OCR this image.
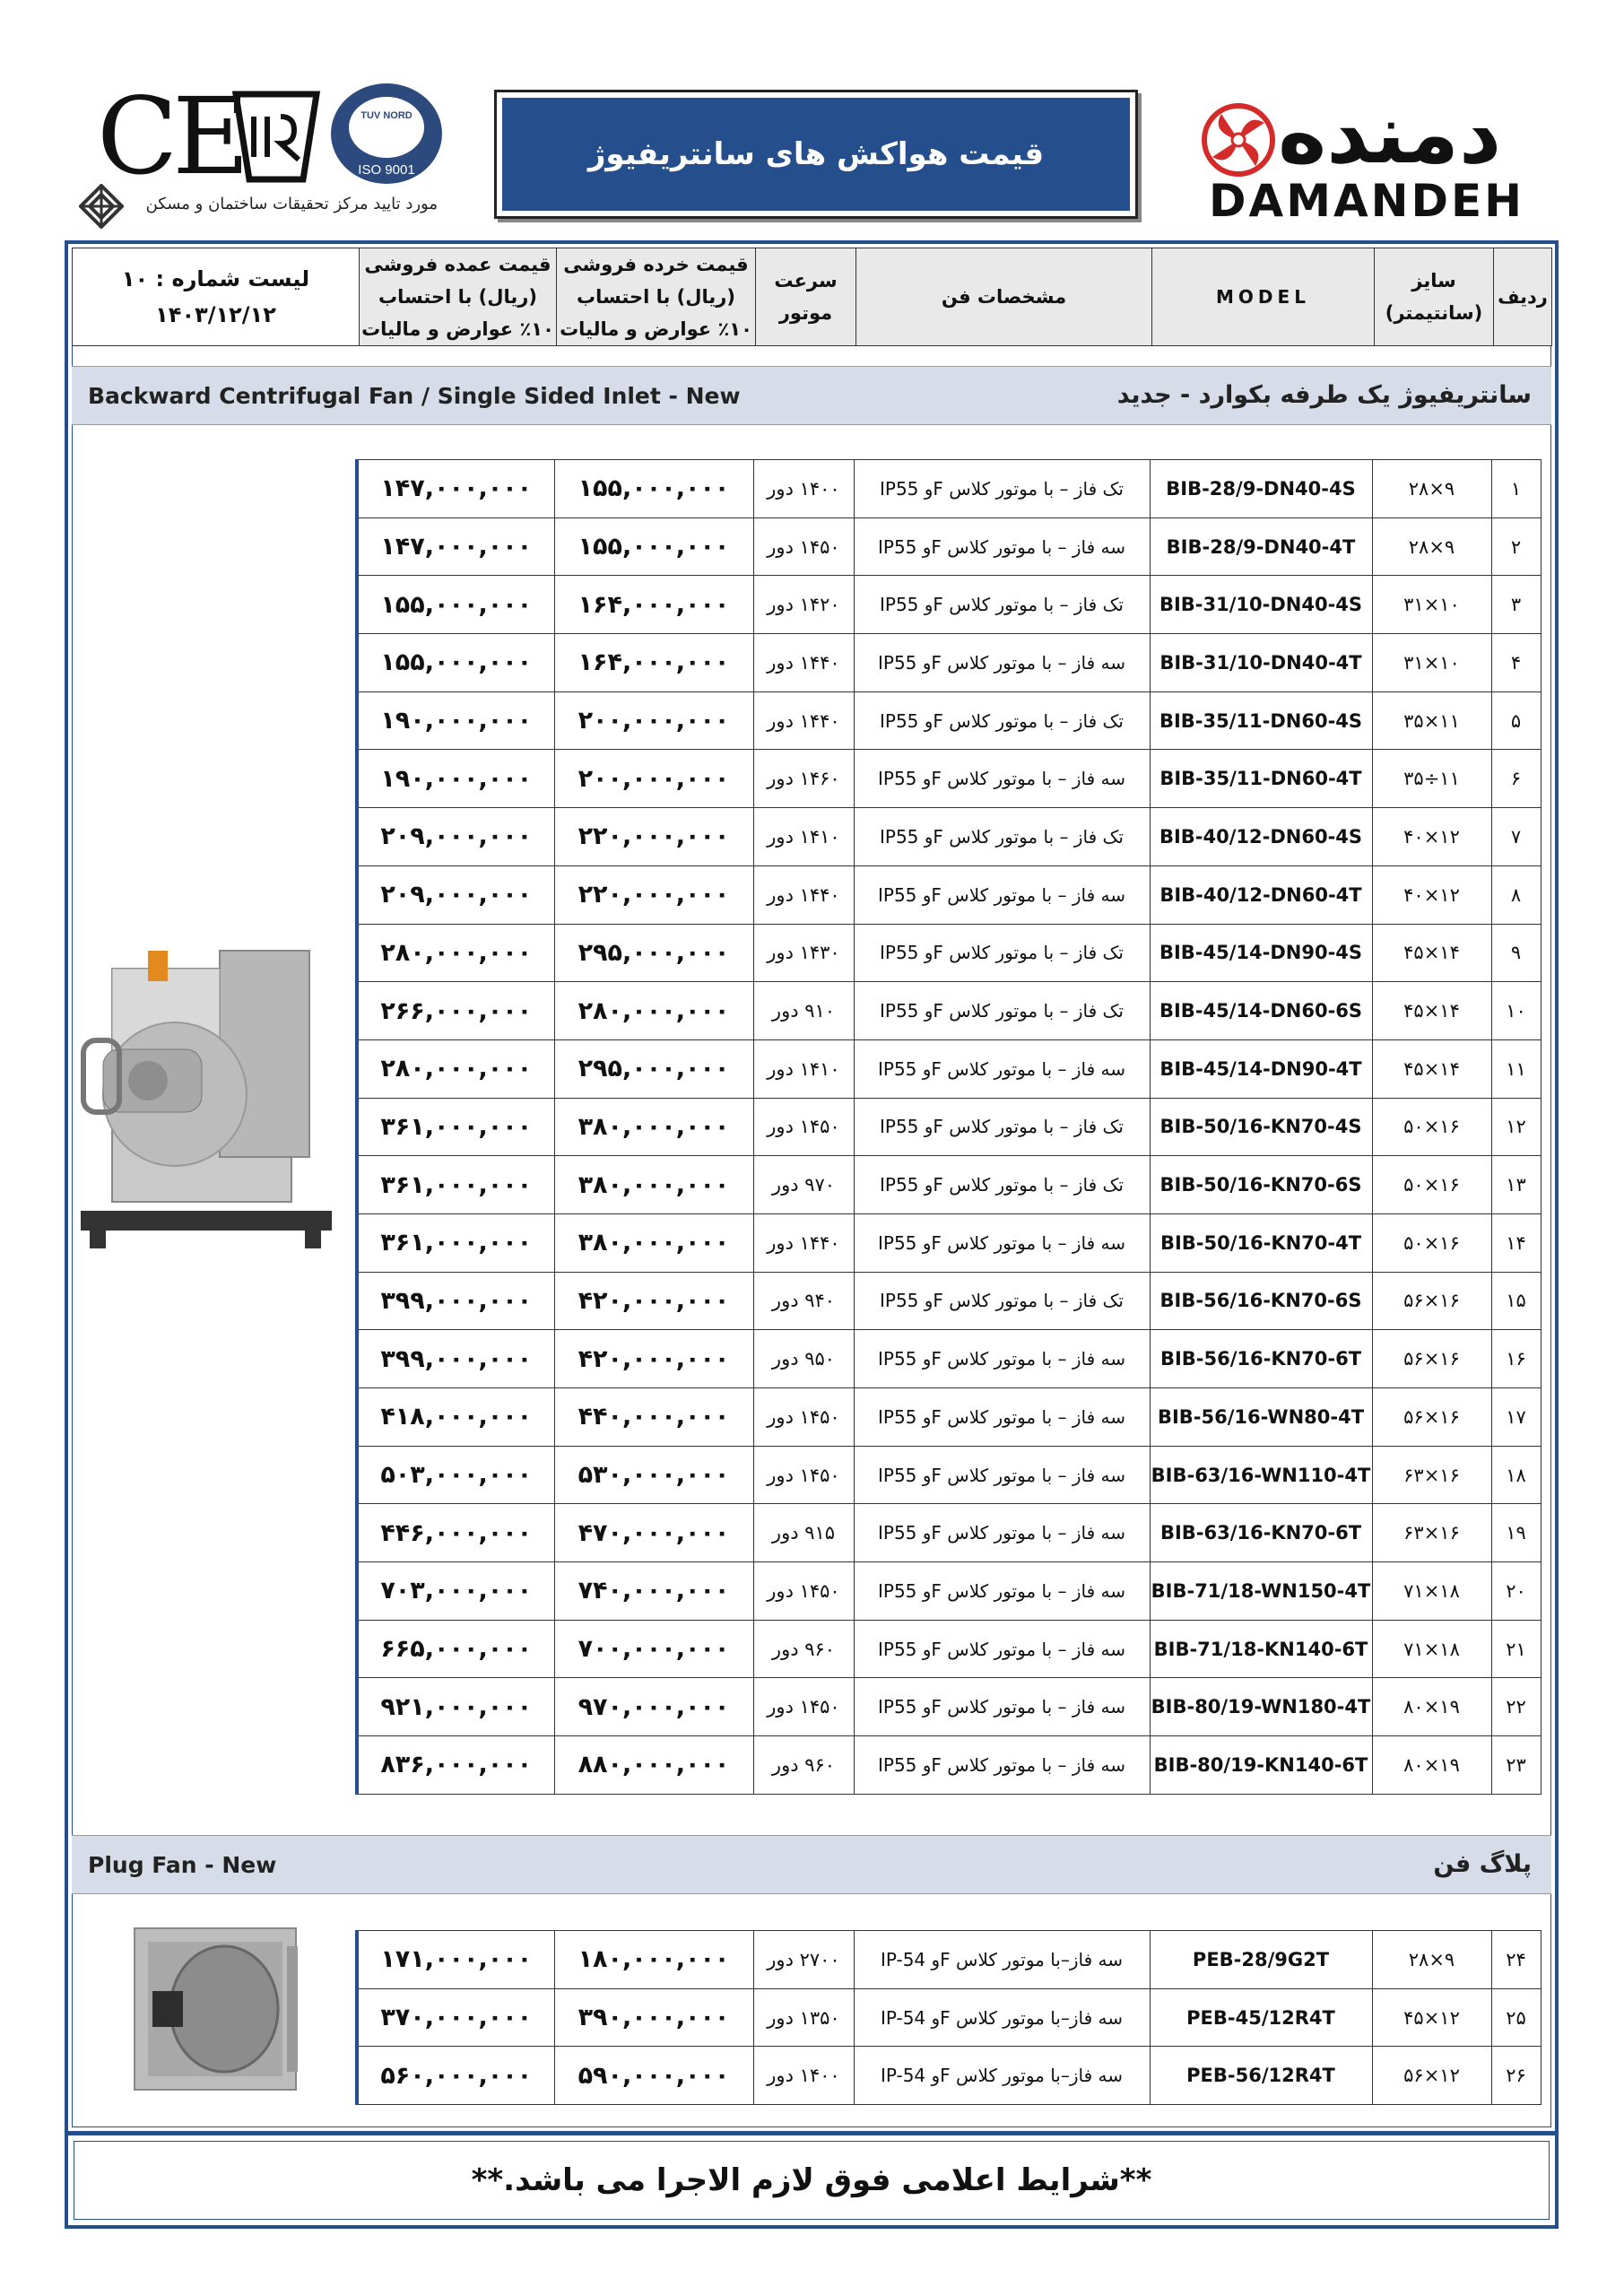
CE	TUV NORD
ISO 9001
مورد تایید مرکز تحقیقات ساختمان و مسکن
قیمت هواکش های سانتریفیوژ	دمنده
DAMANDEH
لیست شماره : ۱۰
۱۴۰۳/۱۲/۱۲
	قیمت عمده فروشی (ریال) با احتساب ۱۰٪ عوارض و مالیات	قیمت خرده فروشی (ریال) با احتساب ۱۰٪ عوارض و مالیات	سرعت موتور	مشخصات فن	MODEL	سایز (سانتیمتر)	ردیف
Backward Centrifugal Fan / Single Sided Inlet - New	سانتریفیوژ یک طرفه بکوارد - جدید
۱۴۷,۰۰۰,۰۰۰	۱۵۵,۰۰۰,۰۰۰	۱۴۰۰ دور	تک فاز – با موتور کلاس Fو IP55	BIB-28/9-DN40-4S	۲۸×۹	۱
۱۴۷,۰۰۰,۰۰۰	۱۵۵,۰۰۰,۰۰۰	۱۴۵۰ دور	سه فاز – با موتور کلاس Fو IP55	BIB-28/9-DN40-4T	۲۸×۹	۲
۱۵۵,۰۰۰,۰۰۰	۱۶۴,۰۰۰,۰۰۰	۱۴۲۰ دور	تک فاز – با موتور کلاس Fو IP55	BIB-31/10-DN40-4S	۳۱×۱۰	۳
۱۵۵,۰۰۰,۰۰۰	۱۶۴,۰۰۰,۰۰۰	۱۴۴۰ دور	سه فاز – با موتور کلاس Fو IP55	BIB-31/10-DN40-4T	۳۱×۱۰	۴
۱۹۰,۰۰۰,۰۰۰	۲۰۰,۰۰۰,۰۰۰	۱۴۴۰ دور	تک فاز – با موتور کلاس Fو IP55	BIB-35/11-DN60-4S	۳۵×۱۱	۵
۱۹۰,۰۰۰,۰۰۰	۲۰۰,۰۰۰,۰۰۰	۱۴۶۰ دور	سه فاز – با موتور کلاس Fو IP55	BIB-35/11-DN60-4T	۳۵÷۱۱	۶
۲۰۹,۰۰۰,۰۰۰	۲۲۰,۰۰۰,۰۰۰	۱۴۱۰ دور	تک فاز – با موتور کلاس Fو IP55	BIB-40/12-DN60-4S	۴۰×۱۲	۷
۲۰۹,۰۰۰,۰۰۰	۲۲۰,۰۰۰,۰۰۰	۱۴۴۰ دور	سه فاز – با موتور کلاس Fو IP55	BIB-40/12-DN60-4T	۴۰×۱۲	۸
۲۸۰,۰۰۰,۰۰۰	۲۹۵,۰۰۰,۰۰۰	۱۴۳۰ دور	تک فاز – با موتور کلاس Fو IP55	BIB-45/14-DN90-4S	۴۵×۱۴	۹
۲۶۶,۰۰۰,۰۰۰	۲۸۰,۰۰۰,۰۰۰	۹۱۰ دور	تک فاز – با موتور کلاس Fو IP55	BIB-45/14-DN60-6S	۴۵×۱۴	۱۰
۲۸۰,۰۰۰,۰۰۰	۲۹۵,۰۰۰,۰۰۰	۱۴۱۰ دور	سه فاز – با موتور کلاس Fو IP55	BIB-45/14-DN90-4T	۴۵×۱۴	۱۱
۳۶۱,۰۰۰,۰۰۰	۳۸۰,۰۰۰,۰۰۰	۱۴۵۰ دور	تک فاز – با موتور کلاس Fو IP55	BIB-50/16-KN70-4S	۵۰×۱۶	۱۲
۳۶۱,۰۰۰,۰۰۰	۳۸۰,۰۰۰,۰۰۰	۹۷۰ دور	تک فاز – با موتور کلاس Fو IP55	BIB-50/16-KN70-6S	۵۰×۱۶	۱۳
۳۶۱,۰۰۰,۰۰۰	۳۸۰,۰۰۰,۰۰۰	۱۴۴۰ دور	سه فاز – با موتور کلاس Fو IP55	BIB-50/16-KN70-4T	۵۰×۱۶	۱۴
۳۹۹,۰۰۰,۰۰۰	۴۲۰,۰۰۰,۰۰۰	۹۴۰ دور	تک فاز – با موتور کلاس Fو IP55	BIB-56/16-KN70-6S	۵۶×۱۶	۱۵
۳۹۹,۰۰۰,۰۰۰	۴۲۰,۰۰۰,۰۰۰	۹۵۰ دور	سه فاز – با موتور کلاس Fو IP55	BIB-56/16-KN70-6T	۵۶×۱۶	۱۶
۴۱۸,۰۰۰,۰۰۰	۴۴۰,۰۰۰,۰۰۰	۱۴۵۰ دور	سه فاز – با موتور کلاس Fو IP55	BIB-56/16-WN80-4T	۵۶×۱۶	۱۷
۵۰۳,۰۰۰,۰۰۰	۵۳۰,۰۰۰,۰۰۰	۱۴۵۰ دور	سه فاز – با موتور کلاس Fو IP55	BIB-63/16-WN110-4T	۶۳×۱۶	۱۸
۴۴۶,۰۰۰,۰۰۰	۴۷۰,۰۰۰,۰۰۰	۹۱۵ دور	سه فاز – با موتور کلاس Fو IP55	BIB-63/16-KN70-6T	۶۳×۱۶	۱۹
۷۰۳,۰۰۰,۰۰۰	۷۴۰,۰۰۰,۰۰۰	۱۴۵۰ دور	سه فاز – با موتور کلاس Fو IP55	BIB-71/18-WN150-4T	۷۱×۱۸	۲۰
۶۶۵,۰۰۰,۰۰۰	۷۰۰,۰۰۰,۰۰۰	۹۶۰ دور	سه فاز – با موتور کلاس Fو IP55	BIB-71/18-KN140-6T	۷۱×۱۸	۲۱
۹۲۱,۰۰۰,۰۰۰	۹۷۰,۰۰۰,۰۰۰	۱۴۵۰ دور	سه فاز – با موتور کلاس Fو IP55	BIB-80/19-WN180-4T	۸۰×۱۹	۲۲
۸۳۶,۰۰۰,۰۰۰	۸۸۰,۰۰۰,۰۰۰	۹۶۰ دور	سه فاز – با موتور کلاس Fو IP55	BIB-80/19-KN140-6T	۸۰×۱۹	۲۳
Plug Fan - New	پلاگ فن
۱۷۱,۰۰۰,۰۰۰	۱۸۰,۰۰۰,۰۰۰	۲۷۰۰ دور	سه فاز–با موتور کلاس Fو IP-54	PEB-28/9G2T	۲۸×۹	۲۴
۳۷۰,۰۰۰,۰۰۰	۳۹۰,۰۰۰,۰۰۰	۱۳۵۰ دور	سه فاز–با موتور کلاس Fو IP-54	PEB-45/12R4T	۴۵×۱۲	۲۵
۵۶۰,۰۰۰,۰۰۰	۵۹۰,۰۰۰,۰۰۰	۱۴۰۰ دور	سه فاز–با موتور کلاس Fو IP-54	PEB-56/12R4T	۵۶×۱۲	۲۶
**شرایط اعلامی فوق لازم الاجرا می باشد.**
